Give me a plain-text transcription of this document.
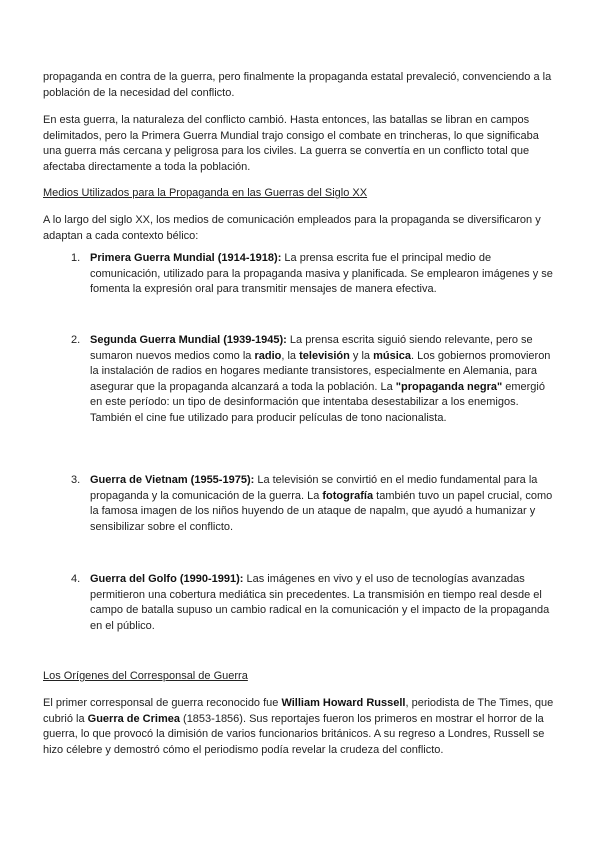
propaganda en contra de la guerra, pero finalmente la propaganda estatal prevaleció, convenciendo a la población de la necesidad del conflicto.

En esta guerra, la naturaleza del conflicto cambió. Hasta entonces, las batallas se libran en campos delimitados, pero la Primera Guerra Mundial trajo consigo el combate en trincheras, lo que significaba una guerra más cercana y peligrosa para los civiles. La guerra se convertía en un conflicto total que afectaba directamente a toda la población.

Medios Utilizados para la Propaganda en las Guerras del Siglo XX

A lo largo del siglo XX, los medios de comunicación empleados para la propaganda se diversificaron y adaptan a cada contexto bélico:

1. Primera Guerra Mundial (1914-1918): La prensa escrita fue el principal medio de comunicación, utilizado para la propaganda masiva y planificada. Se emplearon imágenes y se fomenta la expresión oral para transmitir mensajes de manera efectiva.
2. Segunda Guerra Mundial (1939-1945): La prensa escrita siguió siendo relevante, pero se sumaron nuevos medios como la radio, la televisión y la música. Los gobiernos promovieron la instalación de radios en hogares mediante transistores, especialmente en Alemania, para asegurar que la propaganda alcanzará a toda la población. La "propaganda negra" emergió en este período: un tipo de desinformación que intentaba desestabilizar a los enemigos. También el cine fue utilizado para producir películas de tono nacionalista.
3. Guerra de Vietnam (1955-1975): La televisión se convirtió en el medio fundamental para la propaganda y la comunicación de la guerra. La fotografía también tuvo un papel crucial, como la famosa imagen de los niños huyendo de un ataque de napalm, que ayudó a humanizar y sensibilizar sobre el conflicto.
4. Guerra del Golfo (1990-1991): Las imágenes en vivo y el uso de tecnologías avanzadas permitieron una cobertura mediática sin precedentes. La transmisión en tiempo real desde el campo de batalla supuso un cambio radical en la comunicación y el impacto de la propaganda en el público.

Los Orígenes del Corresponsal de Guerra

El primer corresponsal de guerra reconocido fue William Howard Russell, periodista de The Times, que cubrió la Guerra de Crimea (1853-1856). Sus reportajes fueron los primeros en mostrar el horror de la guerra, lo que provocó la dimisión de varios funcionarios británicos. A su regreso a Londres, Russell se hizo célebre y demostró cómo el periodismo podía revelar la crudeza del conflicto.
